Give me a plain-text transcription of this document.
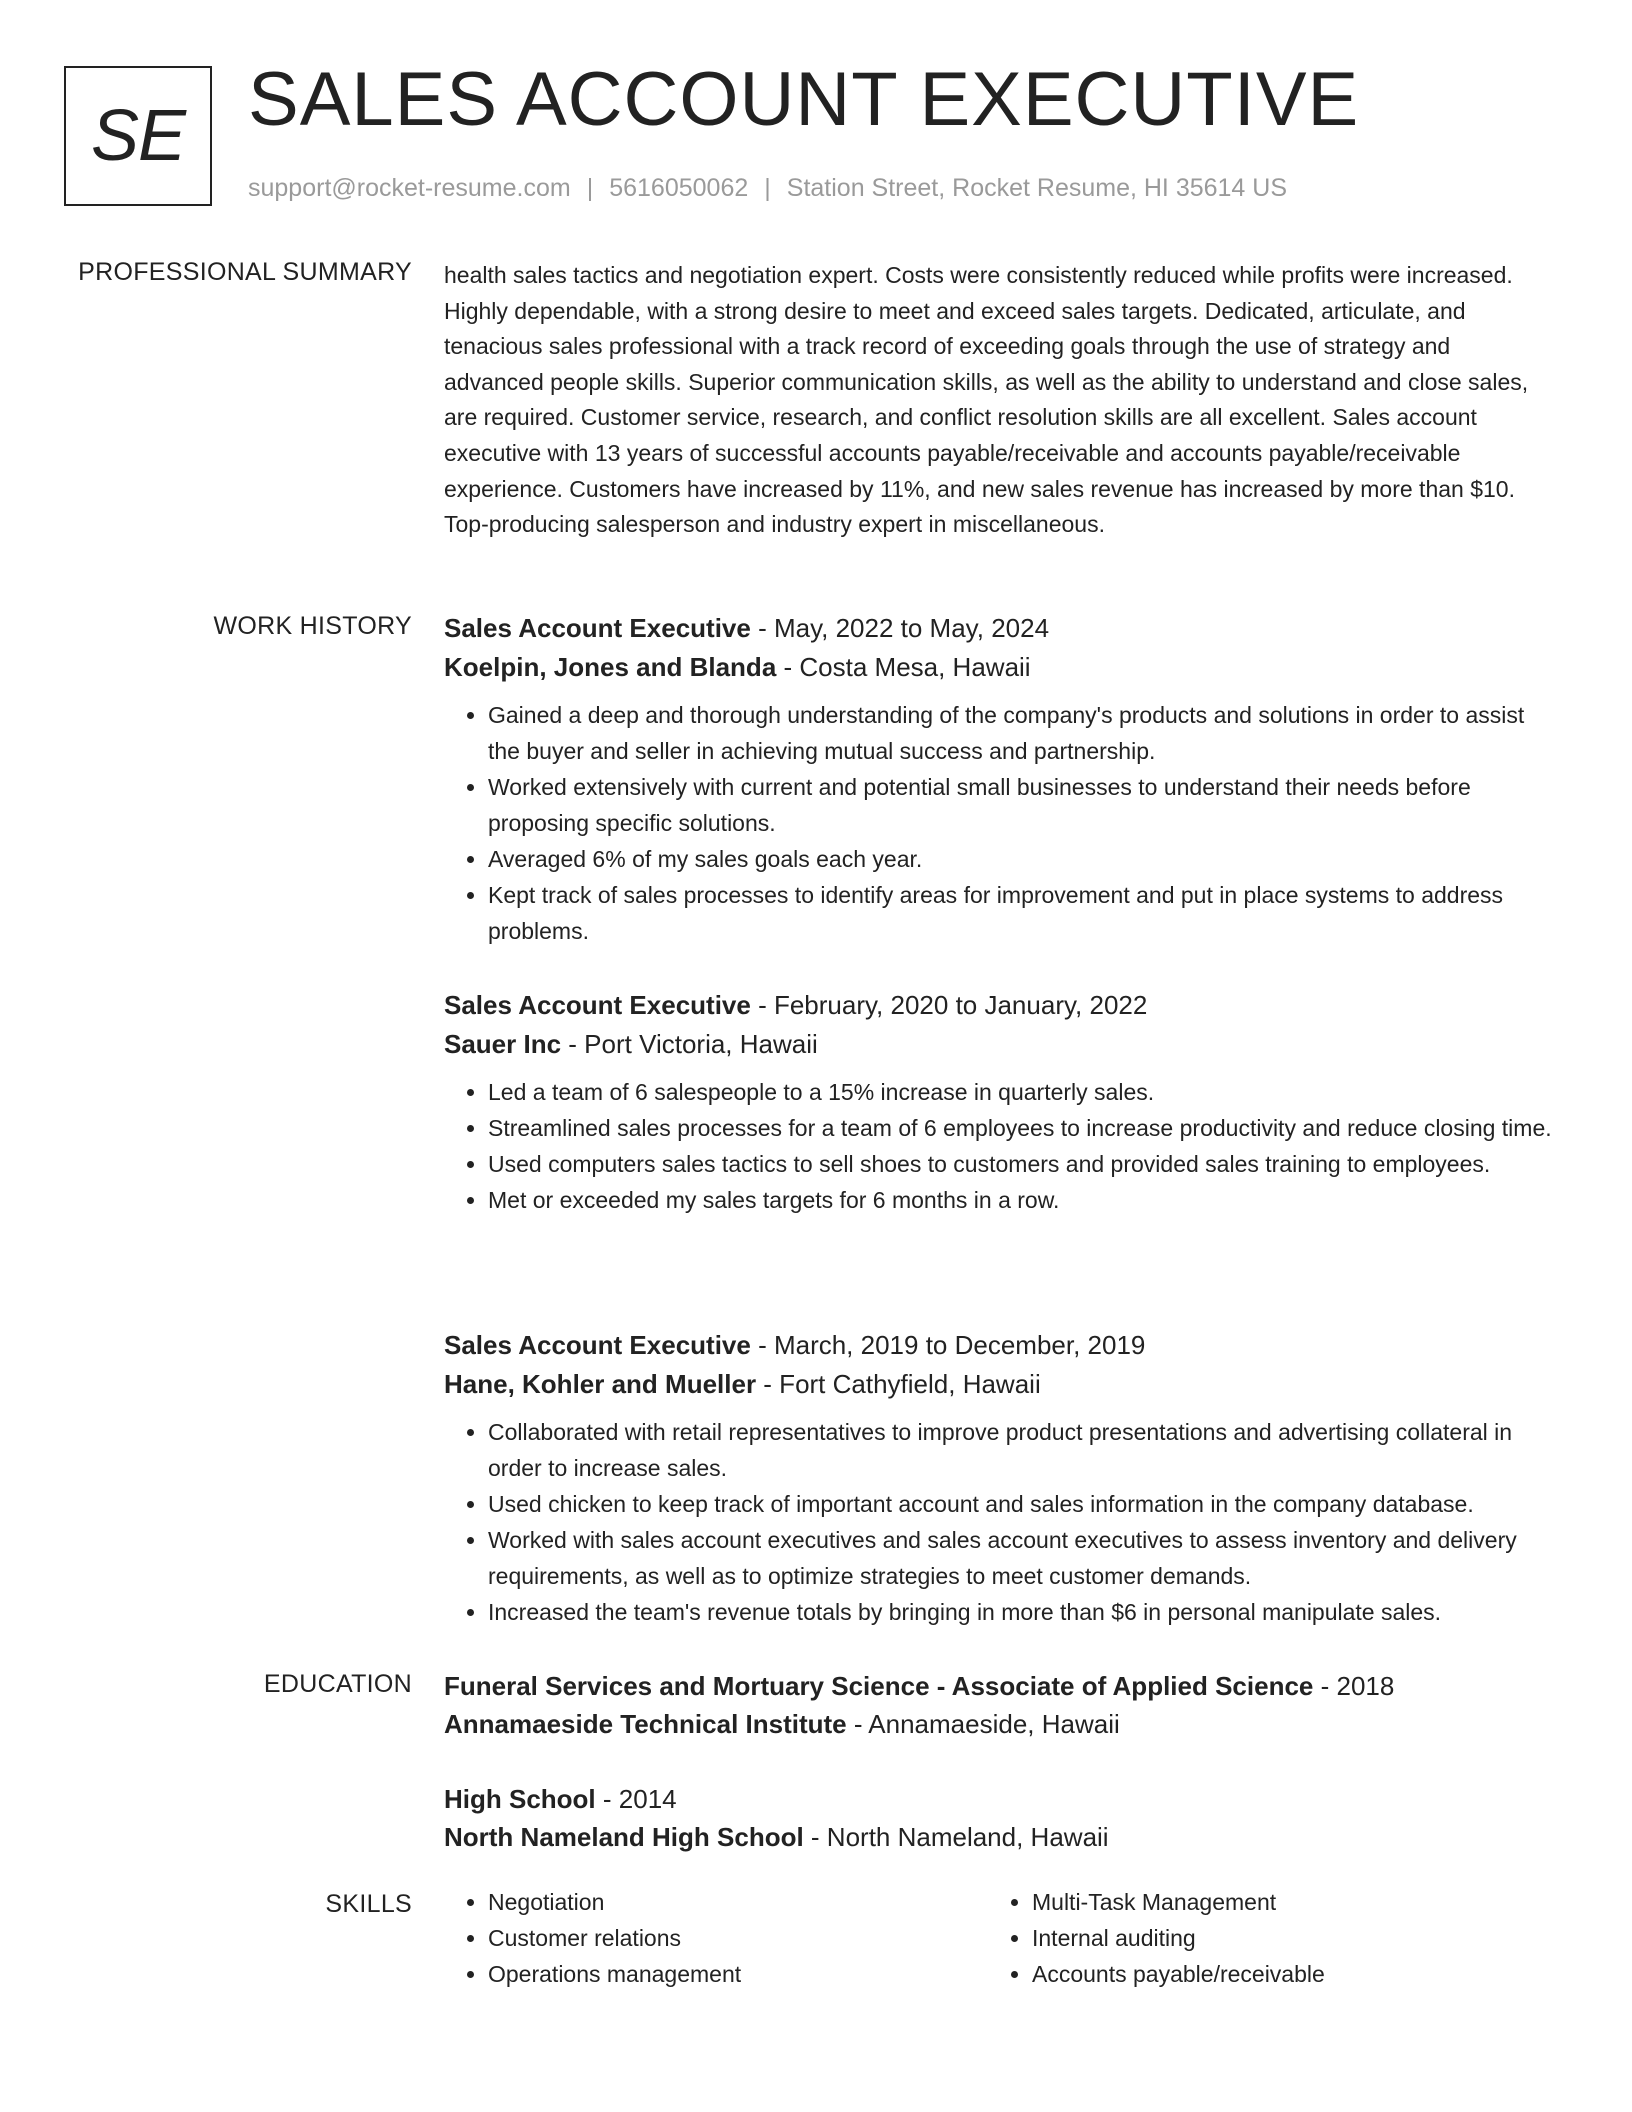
SE SALES ACCOUNT EXECUTIVE
support@rocket-resume.com | 5616050062 | Station Street, Rocket Resume, HI 35614 US
PROFESSIONAL SUMMARY health sales tactics and negotiation expert. Costs were consistently reduced while profits were increased. Highly dependable, with a strong desire to meet and exceed sales targets. Dedicated, articulate, and tenacious sales professional with a track record of exceeding goals through the use of strategy and advanced people skills. Superior communication skills, as well as the ability to understand and close sales, are required. Customer service, research, and conflict resolution skills are all excellent. Sales account executive with 13 years of successful accounts payable/receivable and accounts payable/receivable experience. Customers have increased by 11%, and new sales revenue has increased by more than $10. Top-producing salesperson and industry expert in miscellaneous.
WORK HISTORY Sales Account Executive - May, 2022 to May, 2024
Koelpin, Jones and Blanda - Costa Mesa, Hawaii
• Gained a deep and thorough understanding of the company's products and solutions in order to assist the buyer and seller in achieving mutual success and partnership.
• Worked extensively with current and potential small businesses to understand their needs before proposing specific solutions.
• Averaged 6% of my sales goals each year.
• Kept track of sales processes to identify areas for improvement and put in place systems to address problems.
Sales Account Executive - February, 2020 to January, 2022
Sauer Inc - Port Victoria, Hawaii
• Led a team of 6 salespeople to a 15% increase in quarterly sales.
• Streamlined sales processes for a team of 6 employees to increase productivity and reduce closing time.
• Used computers sales tactics to sell shoes to customers and provided sales training to employees.
• Met or exceeded my sales targets for 6 months in a row.
Sales Account Executive - March, 2019 to December, 2019
Hane, Kohler and Mueller - Fort Cathyfield, Hawaii
• Collaborated with retail representatives to improve product presentations and advertising collateral in order to increase sales.
• Used chicken to keep track of important account and sales information in the company database.
• Worked with sales account executives and sales account executives to assess inventory and delivery requirements, as well as to optimize strategies to meet customer demands.
• Increased the team's revenue totals by bringing in more than $6 in personal manipulate sales.
EDUCATION Funeral Services and Mortuary Science - Associate of Applied Science - 2018
Annamaeside Technical Institute - Annamaeside, Hawaii
High School - 2014
North Nameland High School - North Nameland, Hawaii
SKILLS
•	Negotiation
• Customer relations
• Operations management
• Multi-Task Management
• Internal auditing
• Accounts payable/receivable
